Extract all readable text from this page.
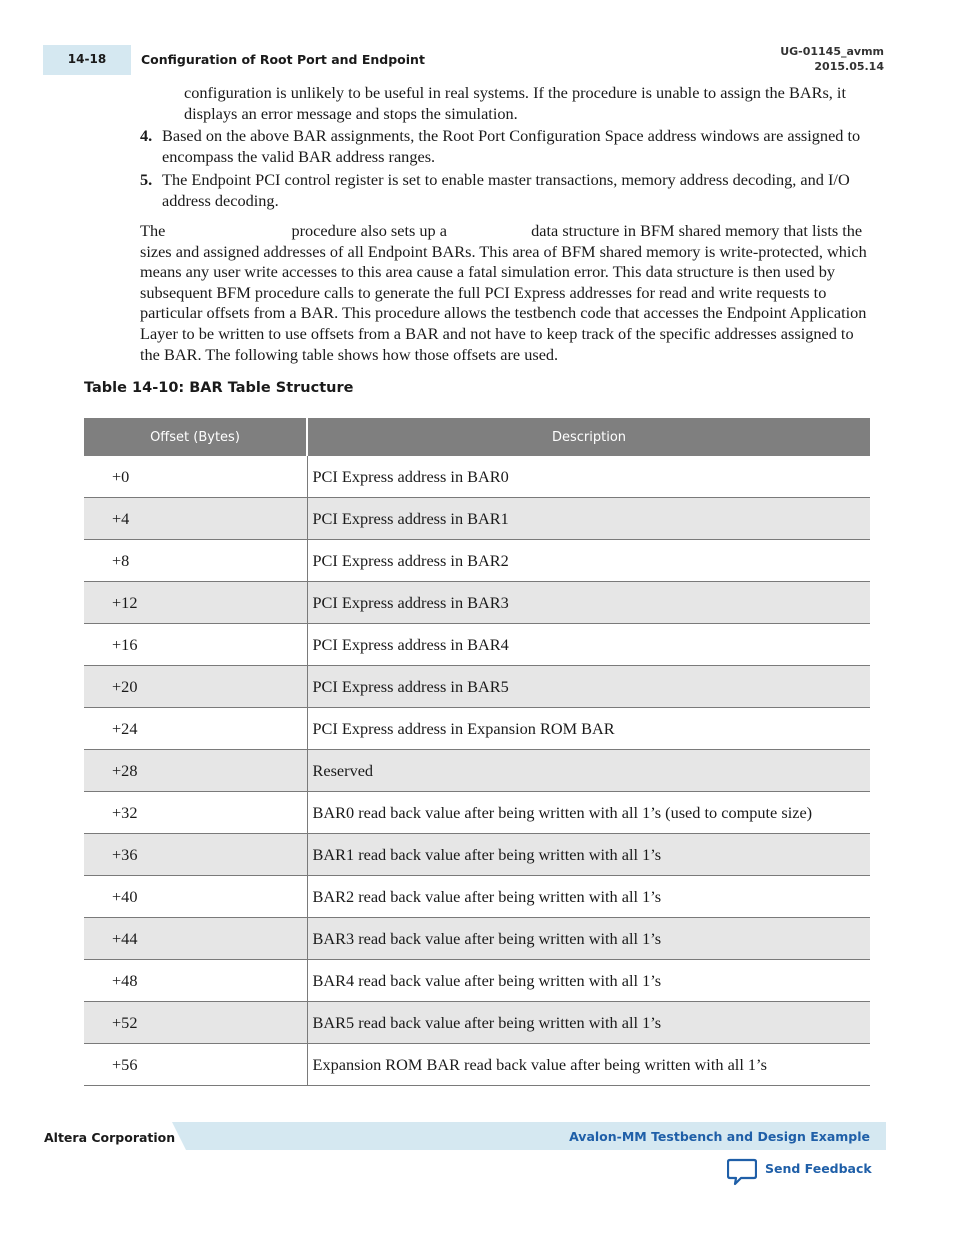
14-18	Configuration of Root Port and Endpoint
UG-01145_avmm
2015.05.14
configuration is unlikely to be useful in real systems. If the procedure is unable to assign the BARs, it displays an error message and stops the simulation.
4. Based on the above BAR assignments, the Root Port Configuration Space address windows are assigned to encompass the valid BAR address ranges.
5. The Endpoint PCI control register is set to enable master transactions, memory address decoding, and I/O address decoding.
The	procedure also sets up a	data structure in BFM shared memory that lists the sizes and assigned addresses of all Endpoint BARs. This area of BFM shared memory is write-protected, which means any user write accesses to this area cause a fatal simulation error. This data structure is then used by subsequent BFM procedure calls to generate the full PCI Express addresses for read and write requests to particular offsets from a BAR. This procedure allows the testbench code that accesses the Endpoint Application Layer to be written to use offsets from a BAR and not have to keep track of the specific addresses assigned to the BAR. The following table shows how those offsets are used.
Table 14-10: BAR Table Structure
Offset (Bytes)	Description
+0	PCI Express address in BAR0
+4	PCI Express address in BAR1
+8	PCI Express address in BAR2
+12	PCI Express address in BAR3
+16	PCI Express address in BAR4
+20	PCI Express address in BAR5
+24	PCI Express address in Expansion ROM BAR
+28	Reserved
+32	BAR0 read back value after being written with all 1’s (used to compute size)
+36	BAR1 read back value after being written with all 1’s
+40	BAR2 read back value after being written with all 1’s
+44	BAR3 read back value after being written with all 1’s
+48	BAR4 read back value after being written with all 1’s
+52	BAR5 read back value after being written with all 1’s
+56	Expansion ROM BAR read back value after being written with all 1’s
Altera Corporation	Avalon-MM Testbench and Design Example
Send Feedback
